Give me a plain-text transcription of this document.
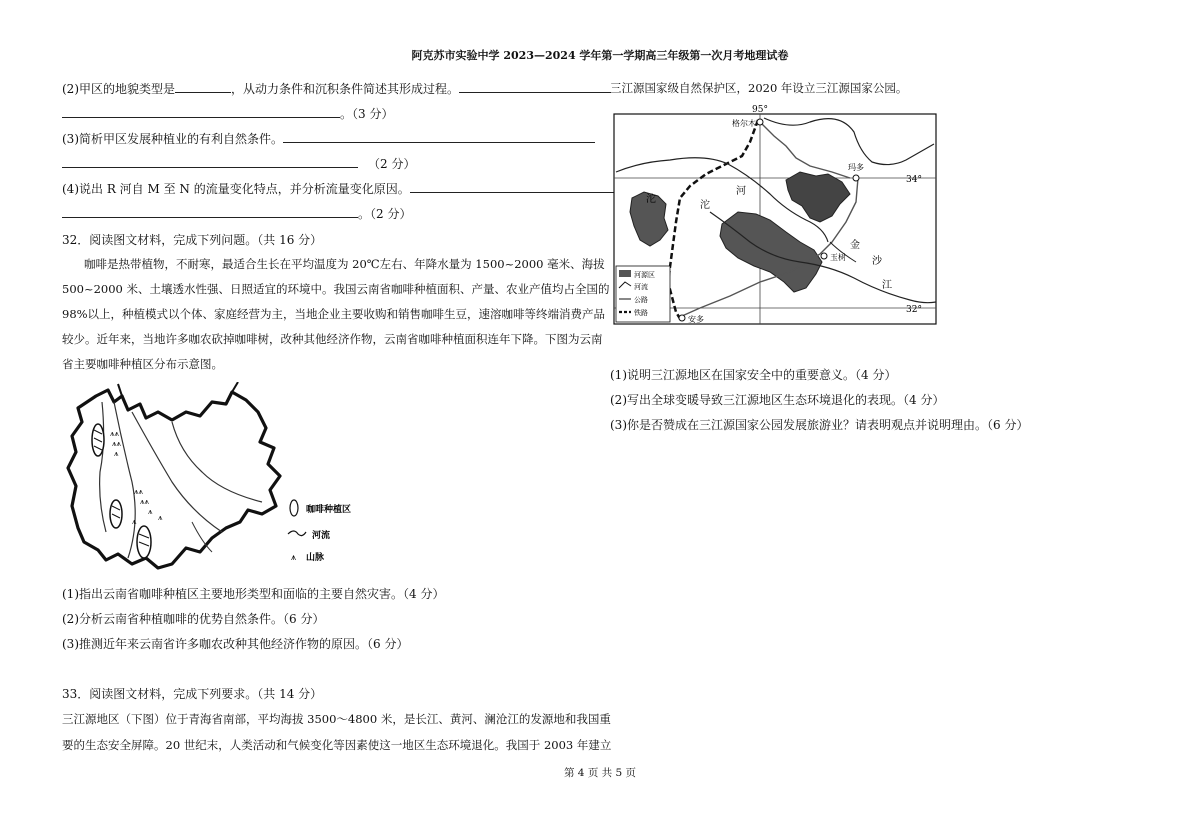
阿克苏市实验中学 2023—2024 学年第一学期高三年级第一次月考地理试卷
(2)甲区的地貌类型是	，从动力条件和沉积条件简述其形成过程。
。（3 分）
(3)简析甲区发展种植业的有利自然条件。
（2 分）
(4)说出 R 河自 M 至 N 的流量变化特点，并分析流量变化原因。
。（2 分）
32．阅读图文材料，完成下列问题。（共 16 分）
咖啡是热带植物，不耐寒，最适合生长在平均温度为 20℃左右、年降水量为 1500~2000 毫米、海拔
500~2000 米、土壤透水性强、日照适宜的环境中。我国云南省咖啡种植面积、产量、农业产值均占全国的
98%以上，种植模式以个体、家庭经营为主，当地企业主要收购和销售咖啡生豆，速溶咖啡等终端消费产品
较少。近年来，当地许多咖农砍掉咖啡树，改种其他经济作物，云南省咖啡种植面积连年下降。下图为云南
省主要咖啡种植区分布示意图。
⩚⩚
⩚⩚
⩚
⩚⩚
⩚⩚
⩚
⩚
⩚
咖啡种植区
河流
⩚ 山脉
(1)指出云南省咖啡种植区主要地形类型和面临的主要自然灾害。（4 分）
(2)分析云南省种植咖啡的优势自然条件。（6 分）
(3)推测近年来云南省许多咖农改种其他经济作物的原因。（6 分）
33．阅读图文材料，完成下列要求。（共 14 分）
三江源地区（下图）位于青海省南部，平均海拔 3500～4800 米，是长江、黄河、澜沧江的发源地和我国重
要的生态安全屏障。20 世纪末，人类活动和气候变化等因素使这一地区生态环境退化。我国于 2003 年建立
三江源国家级自然保护区，2020 年设立三江源国家公园。
95°
34°
32°
格尔木
玛多
玉树
安多
沱
沱
河
金
沙
江
河源区
河流
公路
铁路
(1)说明三江源地区在国家安全中的重要意义。（4 分）
(2)写出全球变暖导致三江源地区生态环境退化的表现。（4 分）
(3)你是否赞成在三江源国家公园发展旅游业？请表明观点并说明理由。（6 分）
第 4 页 共 5 页
